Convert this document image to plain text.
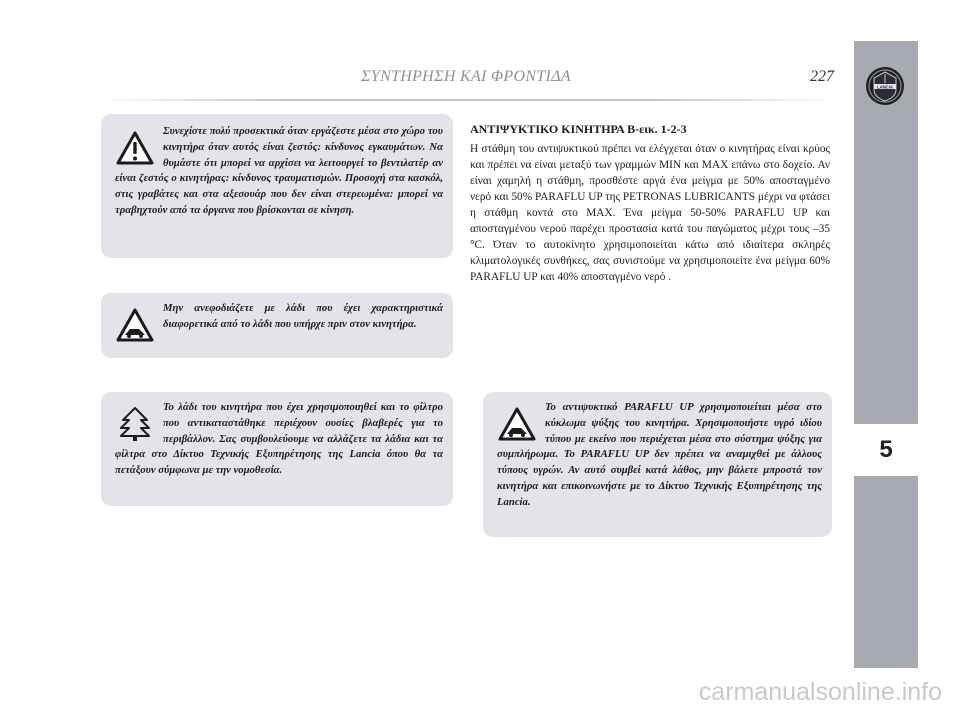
ΣΥΝΤΗΡΗΣΗ ΚΑΙ ΦΡΟΝΤΙΔΑ	227
LANCIA
5

Συνεχίστε πολύ προσεκτικά όταν εργάζεστε μέσα στο χώρο του κινητήρα όταν αυτός είναι ζεστός: κίνδυνος εγκαυμάτων. Να θυμάστε ότι μπορεί να αρχίσει να λειτουργεί το βεντιλατέρ αν είναι ζεστός ο κινητήρας: κίνδυνος τραυματισμών. Προσοχή στα κασκόλ, στις γραβάτες και στα αξεσουάρ που δεν είναι στερεωμένα: μπορεί να τραβηχτούν από τα όργανα που βρίσκονται σε κίνηση.

Μην ανεφοδιάζετε με λάδι που έχει χαρακτηριστικά διαφορετικά από το λάδι που υπήρχε πριν στον κινητήρα.

Το λάδι του κινητήρα που έχει χρησιμοποιηθεί και το φίλτρο που αντικαταστάθηκε περιέχουν ουσίες βλαβερές για το περιβάλλον. Σας συμβουλεύουμε να αλλάζετε τα λάδια και τα φίλτρα στο Δίκτυο Τεχνικής Εξυπηρέτησης της Lancia όπου θα τα πετάξουν σύμφωνα με την νομοθεσία.

Το αντιψυκτικό PARAFLU UP χρησιμοποιείται μέσα στο κύκλωμα ψύξης του κινητήρα. Χρησιμοποιήστε υγρό ιδίου τύπου με εκείνο που περιέχεται μέσα στο σύστημα ψύξης για συμπλήρωμα. Το PARAFLU UP δεν πρέπει να αναμιχθεί με άλλους τύπους υγρών. Αν αυτό συμβεί κατά λάθος, μην βάλετε μπροστά τον κινητήρα και επικοινωνήστε με το Δίκτυο Τεχνικής Εξυπηρέτησης της Lancia.

ΑΝΤΙΨΥΚΤΙΚΟ ΚΙΝΗΤΗΡΑ Β-εικ. 1-2-3

Η στάθμη του αντιψυκτικού πρέπει να ελέγχεται όταν ο κινητήρας είναι κρύος και πρέπει να είναι μεταξύ των γραμμών MIN και MAX επάνω στο δοχείο. Αν είναι χαμηλή η στάθμη, προσθέστε αργά ένα μείγμα με 50% αποσταγμένο νερό και 50% PARAFLU UP της PETRONAS LUBRICANTS μέχρι να φτάσει η στάθμη κοντά στο MAX. Ένα μείγμα 50-50% PARAFLU UP και αποσταγμένου νερού παρέχει προστασία κατά του παγώματος μέχρι τους –35 °C. Όταν το αυτοκίνητο χρησιμοποιείται κάτω από ιδιαίτερα σκληρές κλιματολογικές συνθήκες, σας συνιστούμε να χρησιμοποιείτε ένα μείγμα 60% PARAFLU UP και 40% αποσταγμένο νερό .

carmanualsonline.info
